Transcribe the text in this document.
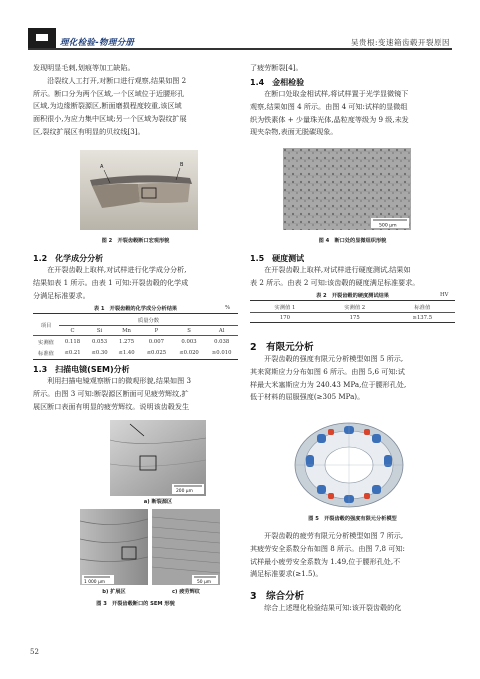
理化检验-物理分册	吴贵根:变速箱齿毂开裂原因
发现明显毛刺,划痕等加工缺陷。
　　沿裂纹人工打开,对断口进行观察,结果如图 2
所示。断口分为两个区域,一个区域位于近腰形孔
区域,为边缘断裂源区,断面磨损程度较重,该区域
面积很小,为应力集中区域;另一个区域为裂纹扩展
区,裂纹扩展区有明显的贝纹线[3]。
A	B
图 2　开裂齿毂断口宏观形貌
1.2　化学成分分析
　　在开裂齿毂上取样,对试样进行化学成分分析,
结果如表 1 所示。由表 1 可知:开裂齿毂的化学成
分满足标准要求。
表 1　开裂齿毂的化学成分分析结果	%
项目	质量分数					
	C	Si	Mn	P	S	Al
实测值	0.118	0.053	1.275	0.007	0.003	0.038
标准值	≤0.21	≤0.30	≤1.40	≤0.025	≤0.020	≥0.010
1.3　扫描电镜(SEM)分析
　　利用扫描电镜观察断口的微观形貌,结果如图 3
所示。由图 3 可知:断裂源区断面可见疲劳辉纹,扩
展区断口表面有明显的疲劳辉纹。说明该齿毂发生
200 μm
a) 断裂源区
1 000 μm	50 μm
b) 扩展区	c) 疲劳辉纹
图 3　开裂齿毂断口的 SEM 形貌
52
了疲劳断裂[4]。
1.4　金相检验
　　在断口处取金相试样,将试样置于光学显微镜下
观察,结果如图 4 所示。由图 4 可知:试样的显微组
织为铁素体 + 少量珠光体,晶粒度等级为 9 级,未发
现夹杂物,表面无脱碳现象。
500 μm
图 4　断口处的显微组织形貌
1.5　硬度测试
　　在开裂齿毂上取样,对试样进行硬度测试,结果如
表 2 所示。由表 2 可知:该齿毂的硬度满足标准要求。
表 2　开裂齿毂的硬度测试结果	HV
实测值 1	实测值 2	标准值
170	175	≥137.5
2　有限元分析
　　开裂齿毂的强度有限元分析模型如图 5 所示,
其来窝斯应力分布如图 6 所示。由图 5,6 可知:试
样最大米塞斯应力为 240.43 MPa,位于腰形孔处,
低于材料的屈服强度(≥305 MPa)。
图 5　开裂齿毂的强度有限元分析模型
　　开裂齿毂的疲劳有限元分析模型如图 7 所示,
其疲劳安全系数分布如图 8 所示。由图 7,8 可知:
试样最小疲劳安全系数为 1.49,位于腰形孔处,不
满足标准要求(≥1.5)。
3　综合分析
　　综合上述理化检验结果可知:该开裂齿毂的化
